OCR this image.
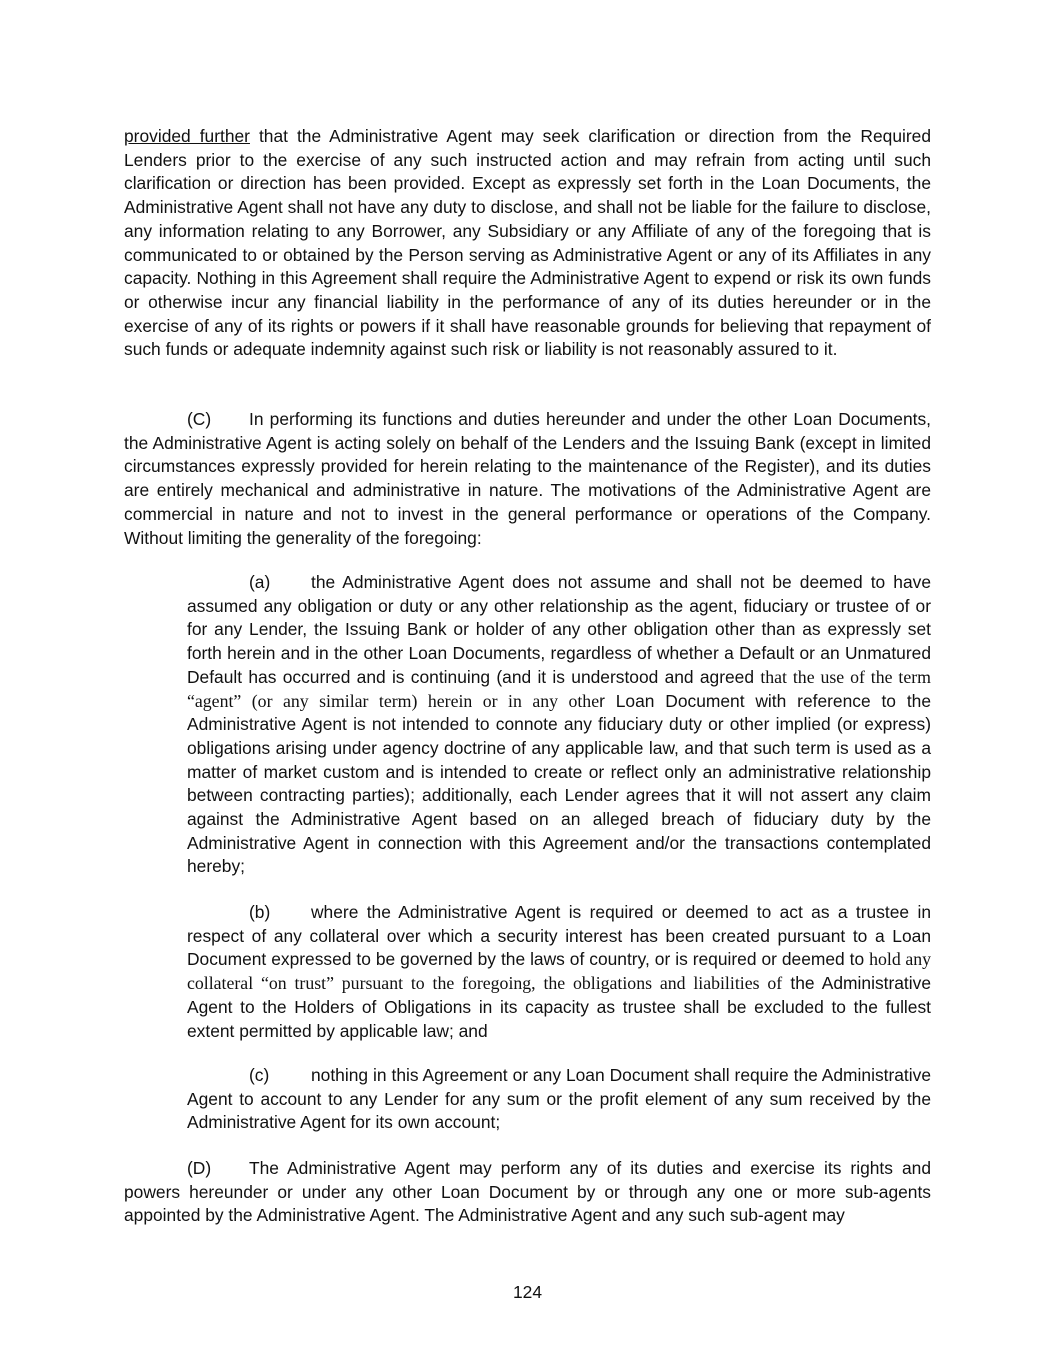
provided further that the Administrative Agent may seek clarification or direction from the Required Lenders prior to the exercise of any such instructed action and may refrain from acting until such clarification or direction has been provided. Except as expressly set forth in the Loan Documents, the Administrative Agent shall not have any duty to disclose, and shall not be liable for the failure to disclose, any information relating to any Borrower, any Subsidiary or any Affiliate of any of the foregoing that is communicated to or obtained by the Person serving as Administrative Agent or any of its Affiliates in any capacity. Nothing in this Agreement shall require the Administrative Agent to expend or risk its own funds or otherwise incur any financial liability in the performance of any of its duties hereunder or in the exercise of any of its rights or powers if it shall have reasonable grounds for believing that repayment of such funds or adequate indemnity against such risk or liability is not reasonably assured to it.

(C) In performing its functions and duties hereunder and under the other Loan Documents, the Administrative Agent is acting solely on behalf of the Lenders and the Issuing Bank (except in limited circumstances expressly provided for herein relating to the maintenance of the Register), and its duties are entirely mechanical and administrative in nature. The motivations of the Administrative Agent are commercial in nature and not to invest in the general performance or operations of the Company. Without limiting the generality of the foregoing:

(a) the Administrative Agent does not assume and shall not be deemed to have assumed any obligation or duty or any other relationship as the agent, fiduciary or trustee of or for any Lender, the Issuing Bank or holder of any other obligation other than as expressly set forth herein and in the other Loan Documents, regardless of whether a Default or an Unmatured Default has occurred and is continuing (and it is understood and agreed that the use of the term “agent” (or any similar term) herein or in any other Loan Document with reference to the Administrative Agent is not intended to connote any fiduciary duty or other implied (or express) obligations arising under agency doctrine of any applicable law, and that such term is used as a matter of market custom and is intended to create or reflect only an administrative relationship between contracting parties); additionally, each Lender agrees that it will not assert any claim against the Administrative Agent based on an alleged breach of fiduciary duty by the Administrative Agent in connection with this Agreement and/or the transactions contemplated hereby;

(b) where the Administrative Agent is required or deemed to act as a trustee in respect of any collateral over which a security interest has been created pursuant to a Loan Document expressed to be governed by the laws of country, or is required or deemed to hold any collateral “on trust” pursuant to the foregoing, the obligations and liabilities of the Administrative Agent to the Holders of Obligations in its capacity as trustee shall be excluded to the fullest extent permitted by applicable law; and

(c) nothing in this Agreement or any Loan Document shall require the Administrative Agent to account to any Lender for any sum or the profit element of any sum received by the Administrative Agent for its own account;

(D) The Administrative Agent may perform any of its duties and exercise its rights and powers hereunder or under any other Loan Document by or through any one or more sub-agents appointed by the Administrative Agent. The Administrative Agent and any such sub-agent may

124
